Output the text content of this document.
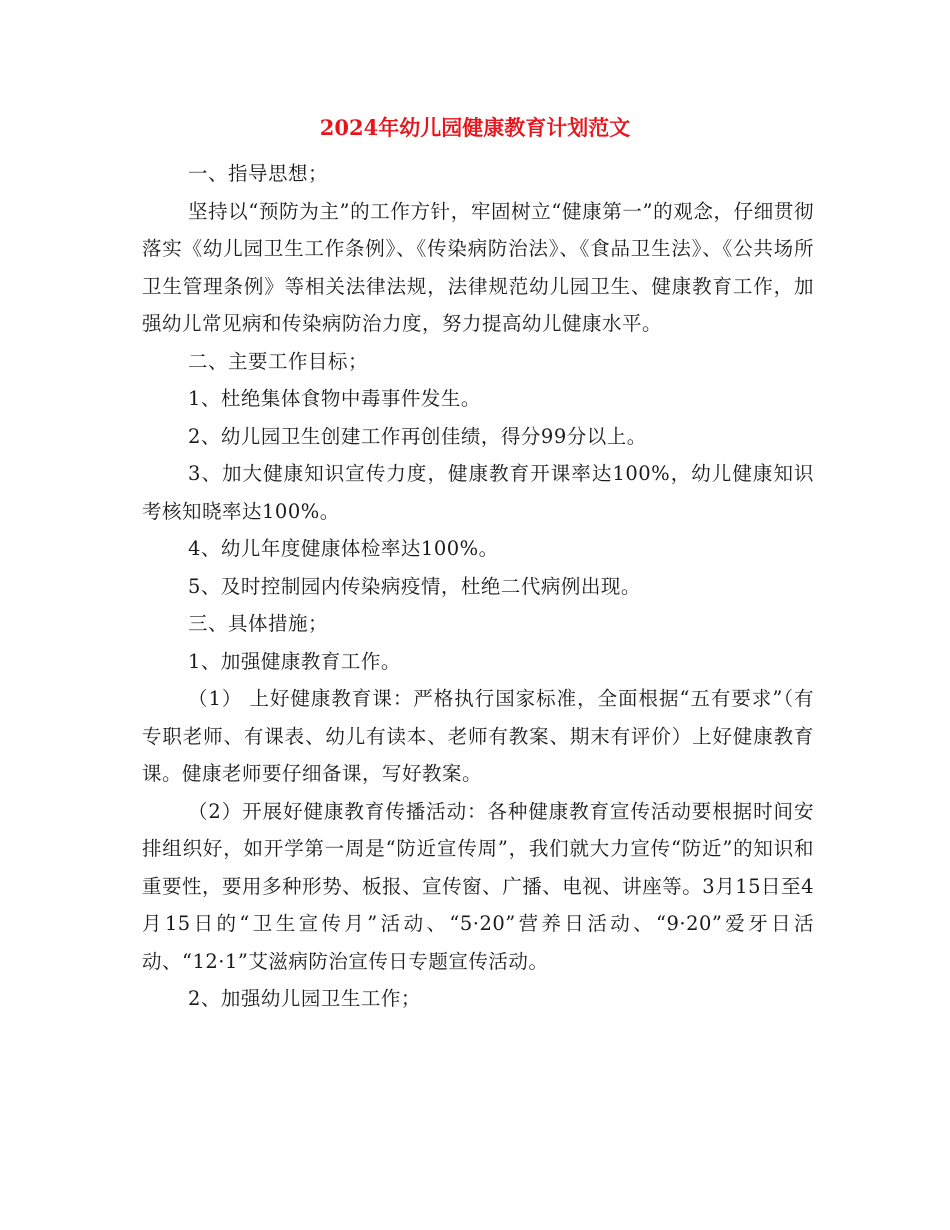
2024年幼儿园健康教育计划范文

一、指导思想；

坚持以“预防为主”的工作方针，牢固树立“健康第一”的观念，仔细贯彻落实《幼儿园卫生工作条例》、《传染病防治法》、《食品卫生法》、《公共场所卫生管理条例》等相关法律法规，法律规范幼儿园卫生、健康教育工作，加强幼儿常见病和传染病防治力度，努力提高幼儿健康水平。

二、主要工作目标；

1、杜绝集体食物中毒事件发生。

2、幼儿园卫生创建工作再创佳绩，得分99分以上。

3、加大健康知识宣传力度，健康教育开课率达100%，幼儿健康知识考核知晓率达100%。

4、幼儿年度健康体检率达100%。

5、及时控制园内传染病疫情，杜绝二代病例出现。

三、具体措施；

1、加强健康教育工作。

（1） 上好健康教育课：严格执行国家标准，全面根据“五有要求”（有专职老师、有课表、幼儿有读本、老师有教案、期末有评价）上好健康教育课。健康老师要仔细备课，写好教案。

（2）开展好健康教育传播活动：各种健康教育宣传活动要根据时间安排组织好，如开学第一周是“防近宣传周”，我们就大力宣传“防近”的知识和重要性，要用多种形势、板报、宣传窗、广播、电视、讲座等。3月15日至4月15日的“卫生宣传月”活动、“5·20”营养日活动、“9·20”爱牙日活动、“12·1”艾滋病防治宣传日专题宣传活动。

2、加强幼儿园卫生工作；
